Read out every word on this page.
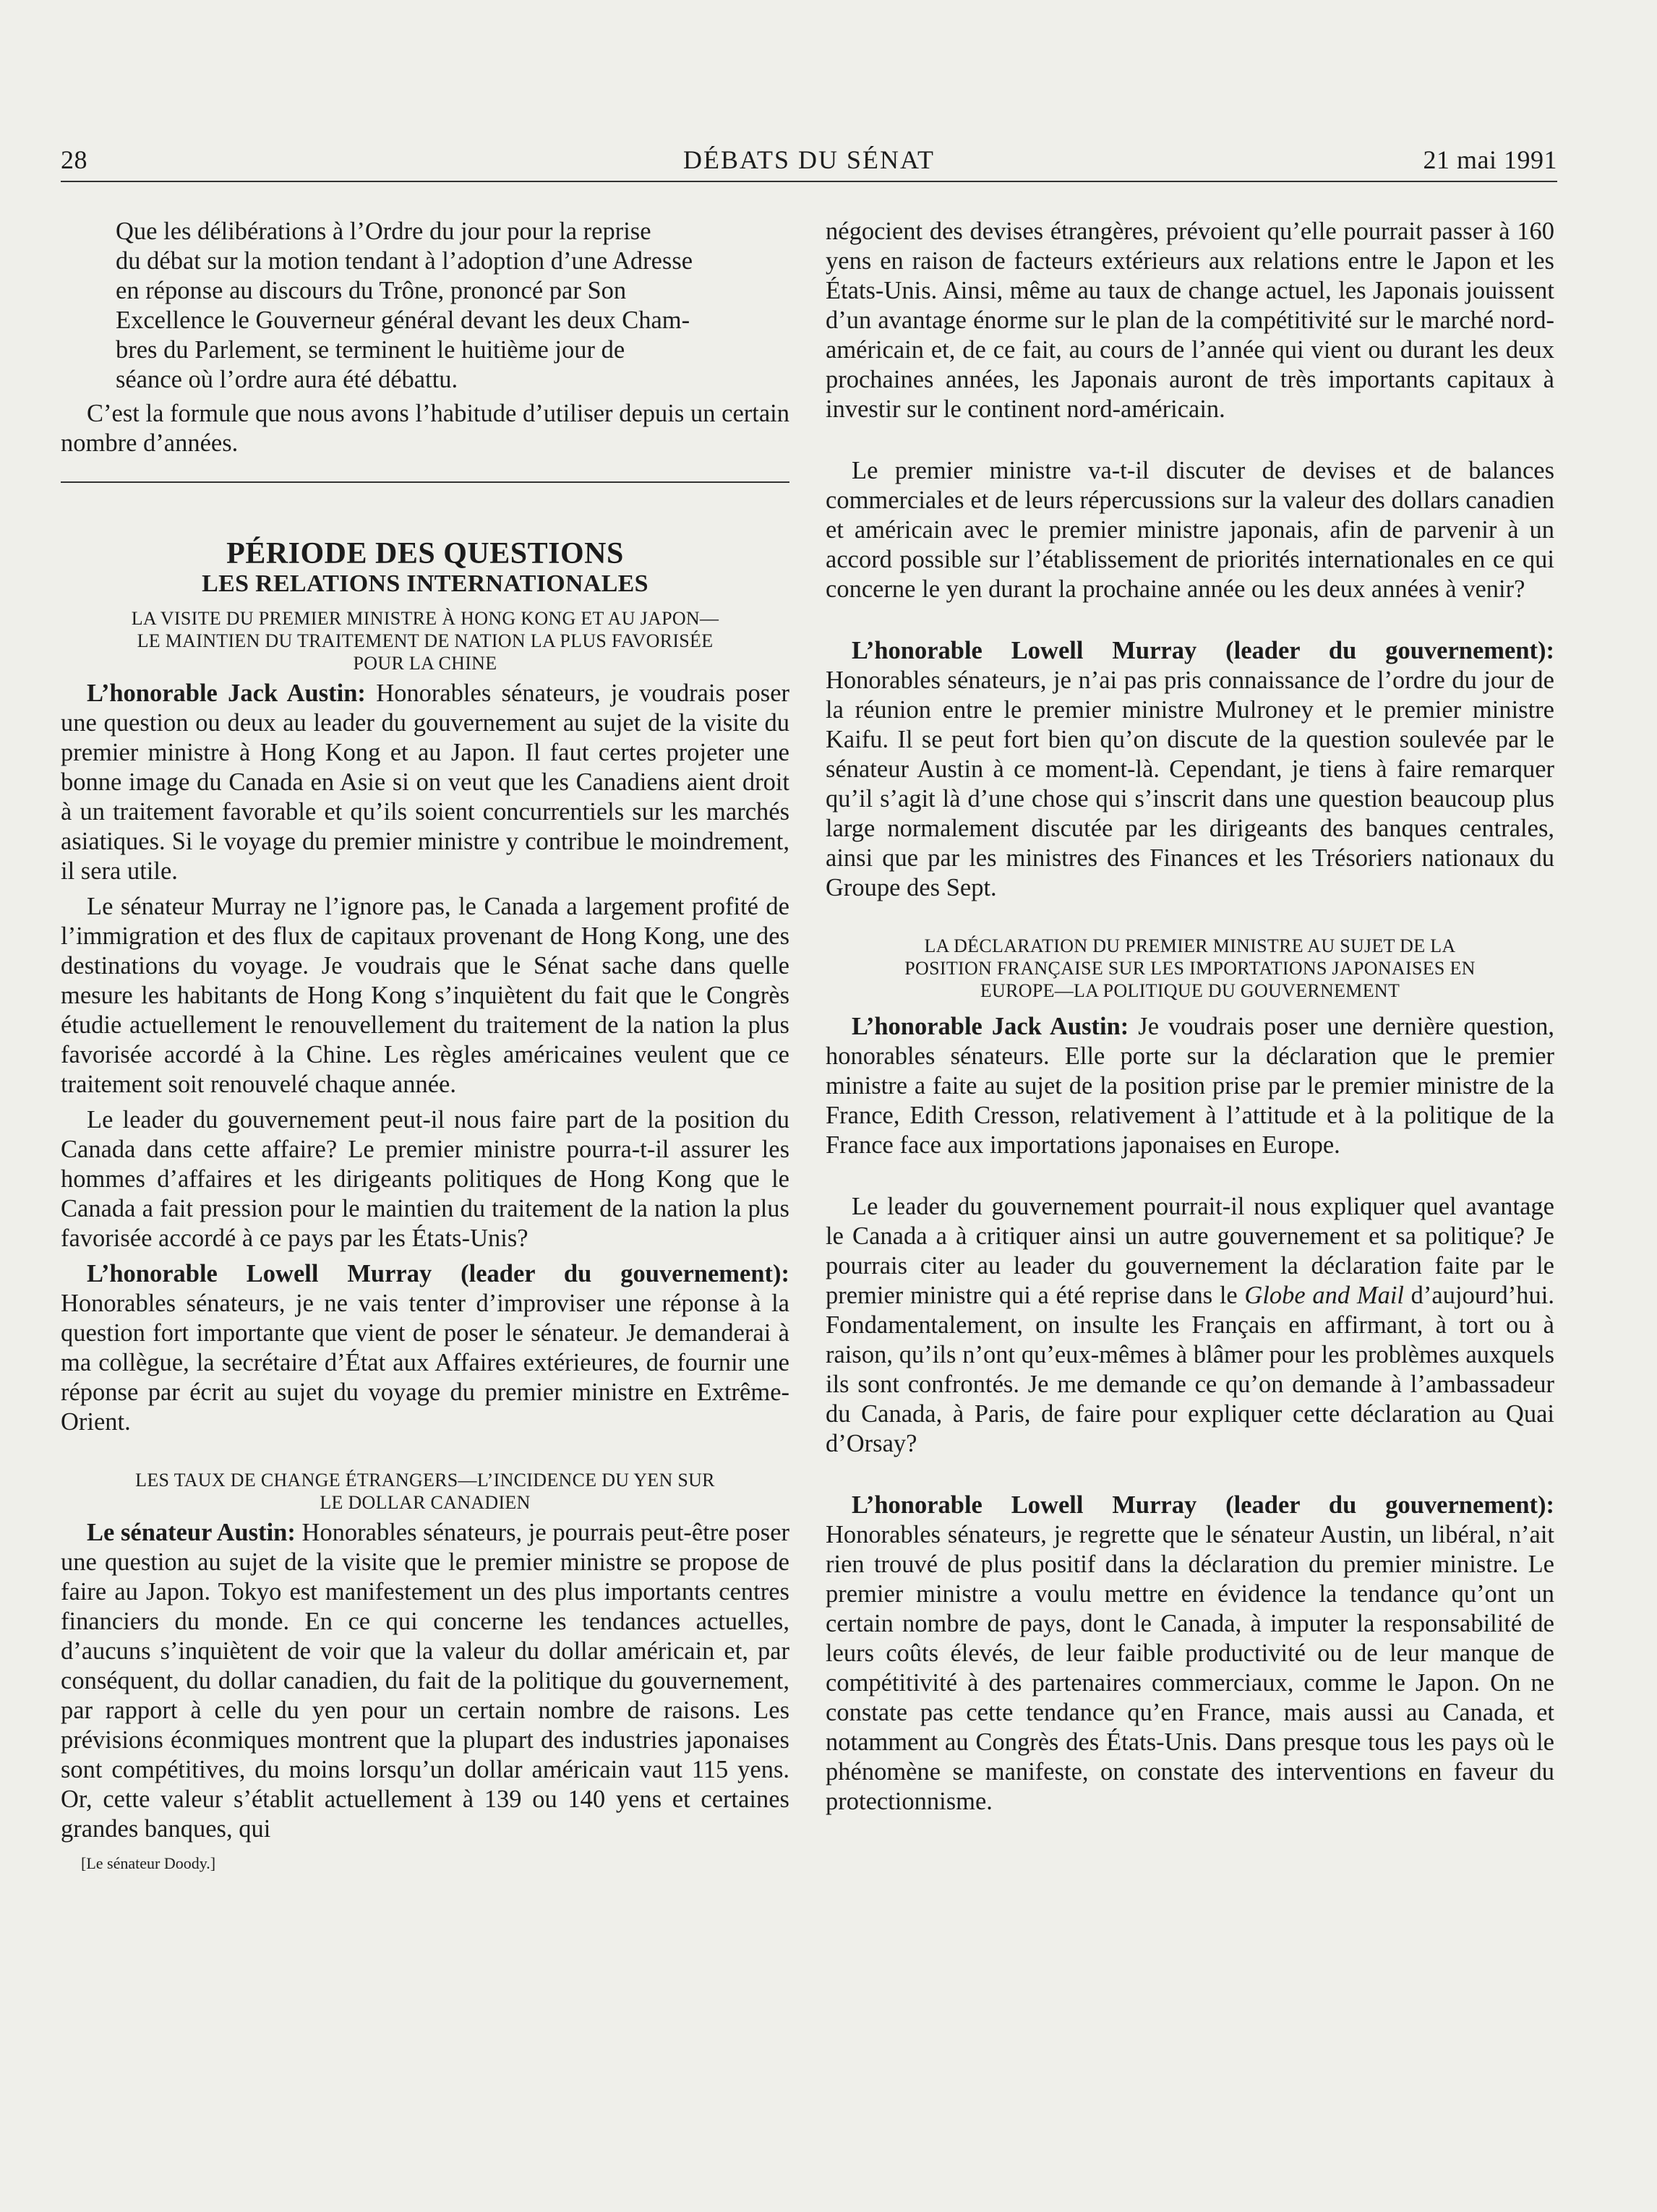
28	DÉBATS DU SÉNAT	21 mai 1991

Que les délibérations à l’Ordre du jour pour la reprise
du débat sur la motion tendant à l’adoption d’une Adresse
en réponse au discours du Trône, prononcé par Son
Excellence le Gouverneur général devant les deux Cham-
bres du Parlement, se terminent le huitième jour de
séance où l’ordre aura été débattu.

C’est la formule que nous avons l’habitude d’utiliser depuis un certain nombre d’années.

PÉRIODE DES QUESTIONS
LES RELATIONS INTERNATIONALES
LA VISITE DU PREMIER MINISTRE À HONG KONG ET AU JAPON—
LE MAINTIEN DU TRAITEMENT DE NATION LA PLUS FAVORISÉE
POUR LA CHINE

L’honorable Jack Austin: Honorables sénateurs, je voudrais poser une question ou deux au leader du gouvernement au sujet de la visite du premier ministre à Hong Kong et au Japon. Il faut certes projeter une bonne image du Canada en Asie si on veut que les Canadiens aient droit à un traitement favorable et qu’ils soient concurrentiels sur les marchés asiatiques. Si le voyage du premier ministre y contribue le moindrement, il sera utile.

Le sénateur Murray ne l’ignore pas, le Canada a largement profité de l’immigration et des flux de capitaux provenant de Hong Kong, une des destinations du voyage. Je voudrais que le Sénat sache dans quelle mesure les habitants de Hong Kong s’inquiètent du fait que le Congrès étudie actuellement le renouvellement du traitement de la nation la plus favorisée accordé à la Chine. Les règles américaines veulent que ce traitement soit renouvelé chaque année.

Le leader du gouvernement peut-il nous faire part de la position du Canada dans cette affaire? Le premier ministre pourra-t-il assurer les hommes d’affaires et les dirigeants politiques de Hong Kong que le Canada a fait pression pour le maintien du traitement de la nation la plus favorisée accordé à ce pays par les États-Unis?

L’honorable Lowell Murray (leader du gouvernement): Honorables sénateurs, je ne vais tenter d’improviser une réponse à la question fort importante que vient de poser le sénateur. Je demanderai à ma collègue, la secrétaire d’État aux Affaires extérieures, de fournir une réponse par écrit au sujet du voyage du premier ministre en Extrême-Orient.

LES TAUX DE CHANGE ÉTRANGERS—L’INCIDENCE DU YEN SUR
LE DOLLAR CANADIEN

Le sénateur Austin: Honorables sénateurs, je pourrais peut-être poser une question au sujet de la visite que le premier ministre se propose de faire au Japon. Tokyo est manifestement un des plus importants centres financiers du monde. En ce qui concerne les tendances actuelles, d’aucuns s’inquiètent de voir que la valeur du dollar américain et, par conséquent, du dollar canadien, du fait de la politique du gouvernement, par rapport à celle du yen pour un certain nombre de raisons. Les prévisions éconmiques montrent que la plupart des industries japonaises sont compétitives, du moins lorsqu’un dollar américain vaut 115 yens. Or, cette valeur s’établit actuellement à 139 ou 140 yens et certaines grandes banques, qui

[Le sénateur Doody.]

négocient des devises étrangères, prévoient qu’elle pourrait passer à 160 yens en raison de facteurs extérieurs aux relations entre le Japon et les États-Unis. Ainsi, même au taux de change actuel, les Japonais jouissent d’un avantage énorme sur le plan de la compétitivité sur le marché nord-américain et, de ce fait, au cours de l’année qui vient ou durant les deux prochaines années, les Japonais auront de très importants capitaux à investir sur le continent nord-américain.

Le premier ministre va-t-il discuter de devises et de balances commerciales et de leurs répercussions sur la valeur des dollars canadien et américain avec le premier ministre japonais, afin de parvenir à un accord possible sur l’établissement de priorités internationales en ce qui concerne le yen durant la prochaine année ou les deux années à venir?

L’honorable Lowell Murray (leader du gouvernement): Honorables sénateurs, je n’ai pas pris connaissance de l’ordre du jour de la réunion entre le premier ministre Mulroney et le premier ministre Kaifu. Il se peut fort bien qu’on discute de la question soulevée par le sénateur Austin à ce moment-là. Cependant, je tiens à faire remarquer qu’il s’agit là d’une chose qui s’inscrit dans une question beaucoup plus large normalement discutée par les dirigeants des banques centrales, ainsi que par les ministres des Finances et les Trésoriers nationaux du Groupe des Sept.

LA DÉCLARATION DU PREMIER MINISTRE AU SUJET DE LA
POSITION FRANÇAISE SUR LES IMPORTATIONS JAPONAISES EN
EUROPE—LA POLITIQUE DU GOUVERNEMENT

L’honorable Jack Austin: Je voudrais poser une dernière question, honorables sénateurs. Elle porte sur la déclaration que le premier ministre a faite au sujet de la position prise par le premier ministre de la France, Edith Cresson, relativement à l’attitude et à la politique de la France face aux importations japonaises en Europe.

Le leader du gouvernement pourrait-il nous expliquer quel avantage le Canada a à critiquer ainsi un autre gouvernement et sa politique? Je pourrais citer au leader du gouvernement la déclaration faite par le premier ministre qui a été reprise dans le Globe and Mail d’aujourd’hui. Fondamentalement, on insulte les Français en affirmant, à tort ou à raison, qu’ils n’ont qu’eux-mêmes à blâmer pour les problèmes auxquels ils sont confrontés. Je me demande ce qu’on demande à l’ambassadeur du Canada, à Paris, de faire pour expliquer cette déclaration au Quai d’Orsay?

L’honorable Lowell Murray (leader du gouvernement): Honorables sénateurs, je regrette que le sénateur Austin, un libéral, n’ait rien trouvé de plus positif dans la déclaration du premier ministre. Le premier ministre a voulu mettre en évidence la tendance qu’ont un certain nombre de pays, dont le Canada, à imputer la responsabilité de leurs coûts élevés, de leur faible productivité ou de leur manque de compétitivité à des partenaires commerciaux, comme le Japon. On ne constate pas cette tendance qu’en France, mais aussi au Canada, et notamment au Congrès des États-Unis. Dans presque tous les pays où le phénomène se manifeste, on constate des interventions en faveur du protectionnisme.
